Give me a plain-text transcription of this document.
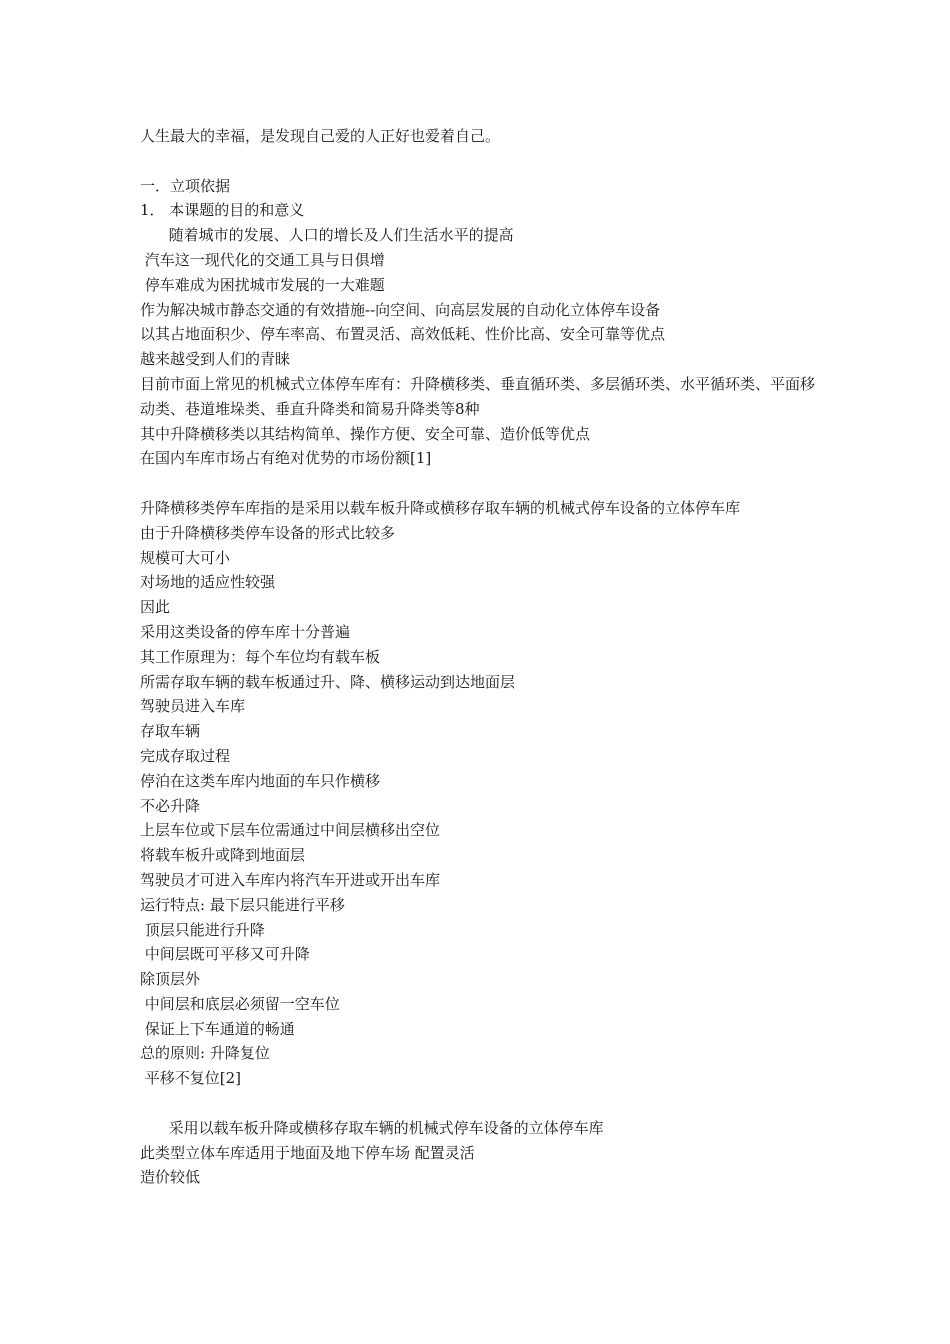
人生最大的幸福，是发现自己爱的人正好也爱着自己。
一．立项依据
1． 本课题的目的和意义
随着城市的发展、人口的增长及人们生活水平的提高
汽车这一现代化的交通工具与日俱增
停车难成为困扰城市发展的一大难题
作为解决城市静态交通的有效措施--向空间、向高层发展的自动化立体停车设备
以其占地面积少、停车率高、布置灵活、高效低耗、性价比高、安全可靠等优点
越来越受到人们的青睐
目前市面上常见的机械式立体停车库有：升降横移类、垂直循环类、多层循环类、水平循环类、平面移动类、巷道堆垛类、垂直升降类和简易升降类等8种
其中升降横移类以其结构简单、操作方便、安全可靠、造价低等优点
在国内车库市场占有绝对优势的市场份额[1]
升降横移类停车库指的是采用以载车板升降或横移存取车辆的机械式停车设备的立体停车库
由于升降横移类停车设备的形式比较多
规模可大可小
对场地的适应性较强
因此
采用这类设备的停车库十分普遍
其工作原理为：每个车位均有载车板
所需存取车辆的载车板通过升、降、横移运动到达地面层
驾驶员进入车库
存取车辆
完成存取过程
停泊在这类车库内地面的车只作横移
不必升降
上层车位或下层车位需通过中间层横移出空位
将载车板升或降到地面层
驾驶员才可进入车库内将汽车开进或开出车库
运行特点: 最下层只能进行平移
顶层只能进行升降
中间层既可平移又可升降
除顶层外
中间层和底层必须留一空车位
保证上下车通道的畅通
总的原则: 升降复位
平移不复位[2]
采用以载车板升降或横移存取车辆的机械式停车设备的立体停车库
此类型立体车库适用于地面及地下停车场 配置灵活
造价较低
